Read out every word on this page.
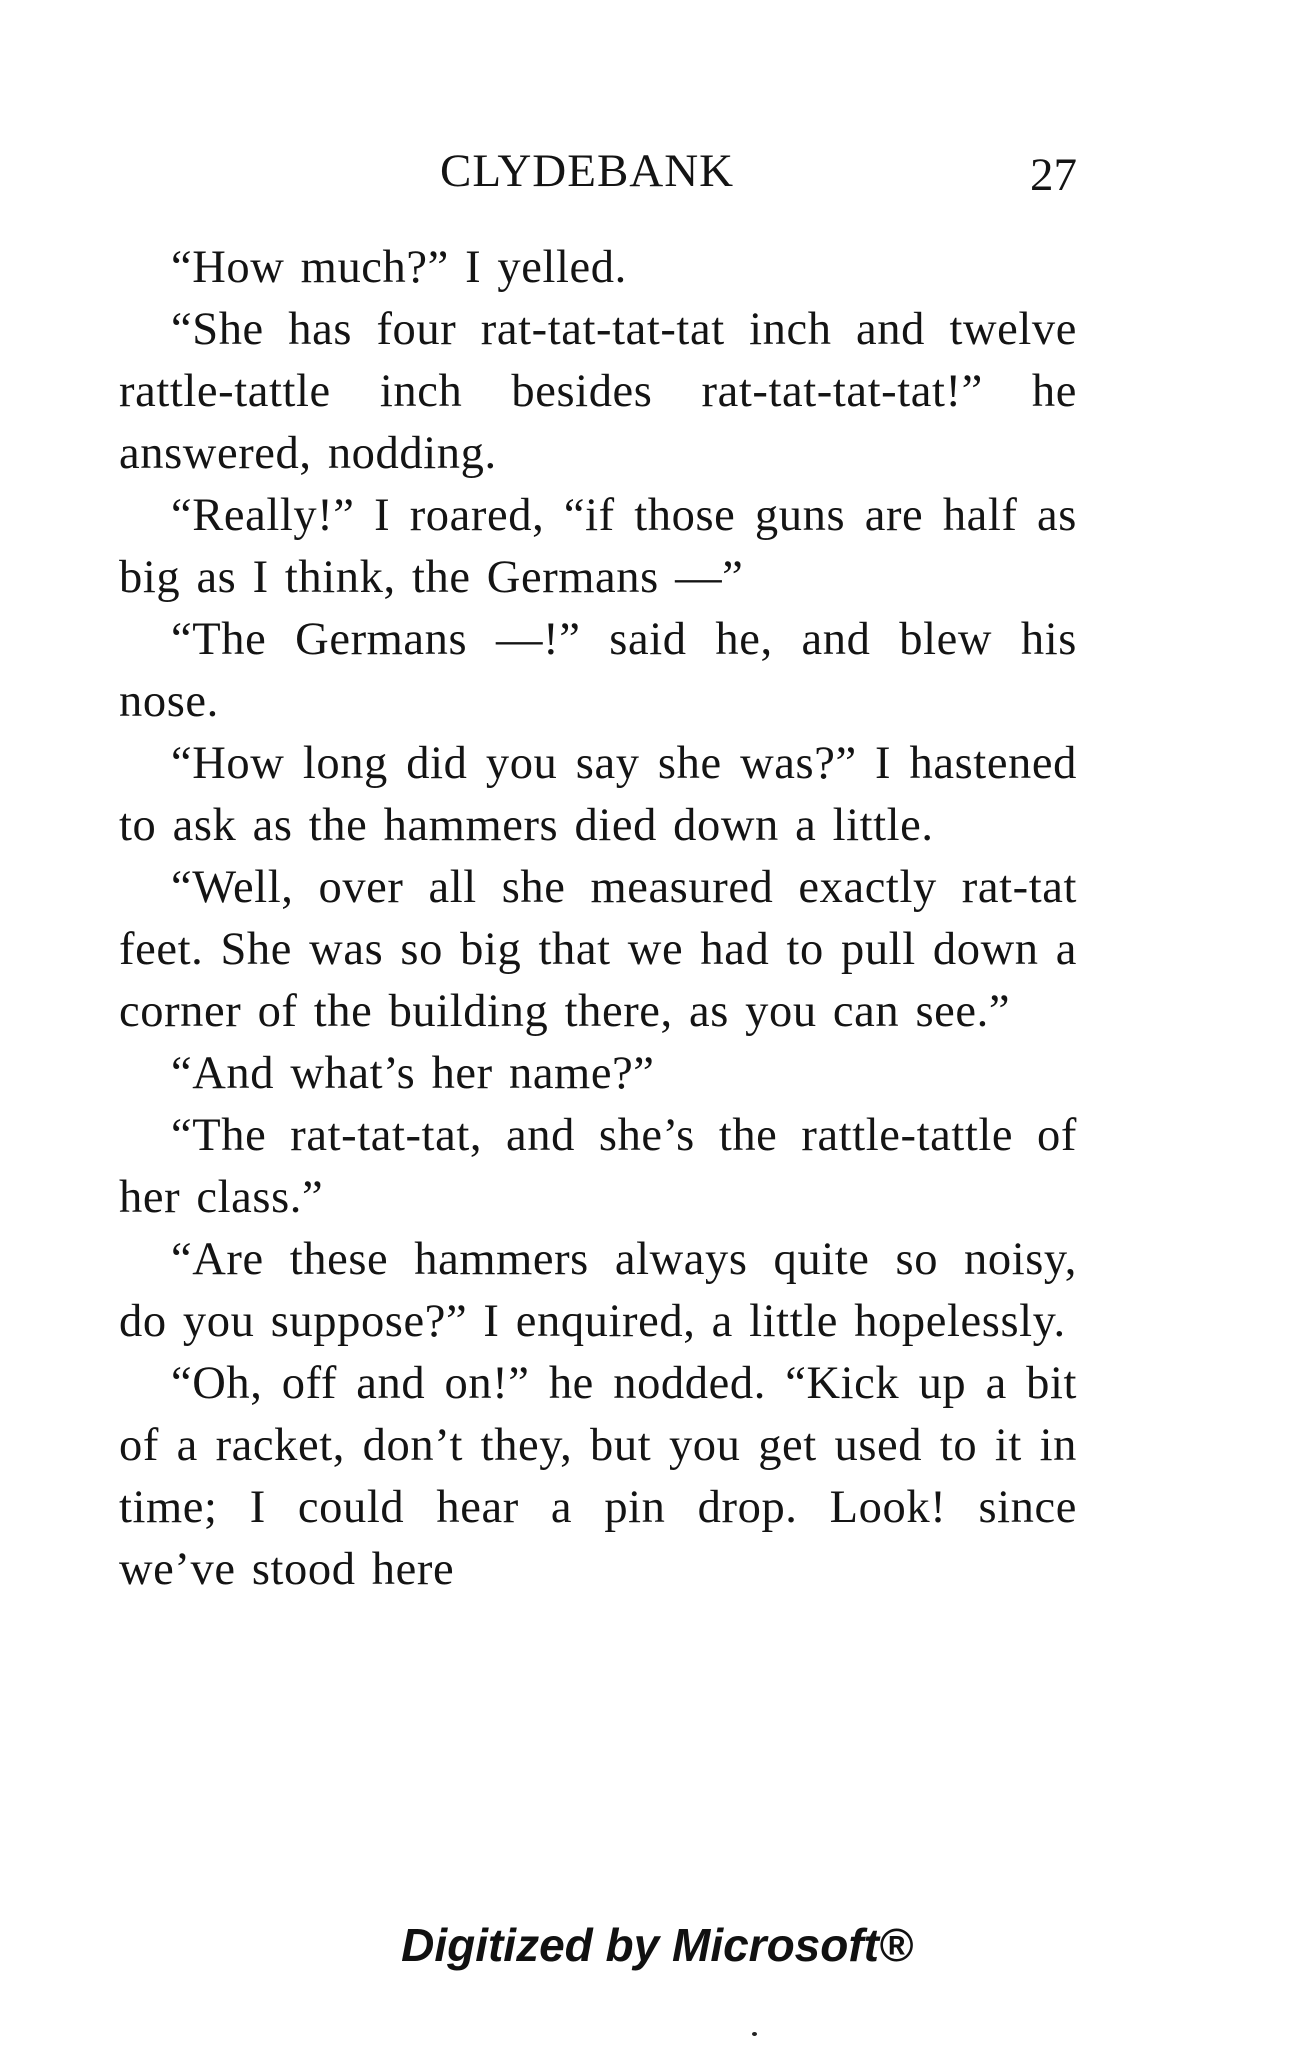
CLYDEBANK	27

“How much?” I yelled.

“She has four rat-tat-tat-tat inch and twelve rattle-tattle inch besides rat-tat-tat-tat!” he answered, nodding.

“Really!” I roared, “if those guns are half as big as I think, the Germans —”

“The Germans —!” said he, and blew his nose.

“How long did you say she was?” I hastened to ask as the hammers died down a little.

“Well, over all she measured exactly rat-tat feet. She was so big that we had to pull down a corner of the building there, as you can see.”

“And what’s her name?”

“The rat-tat-tat, and she’s the rattle-tattle of her class.”

“Are these hammers always quite so noisy, do you suppose?” I enquired, a little hopelessly.

“Oh, off and on!” he nodded. “Kick up a bit of a racket, don’t they, but you get used to it in time; I could hear a pin drop. Look! since we’ve stood here

Digitized by Microsoft®
